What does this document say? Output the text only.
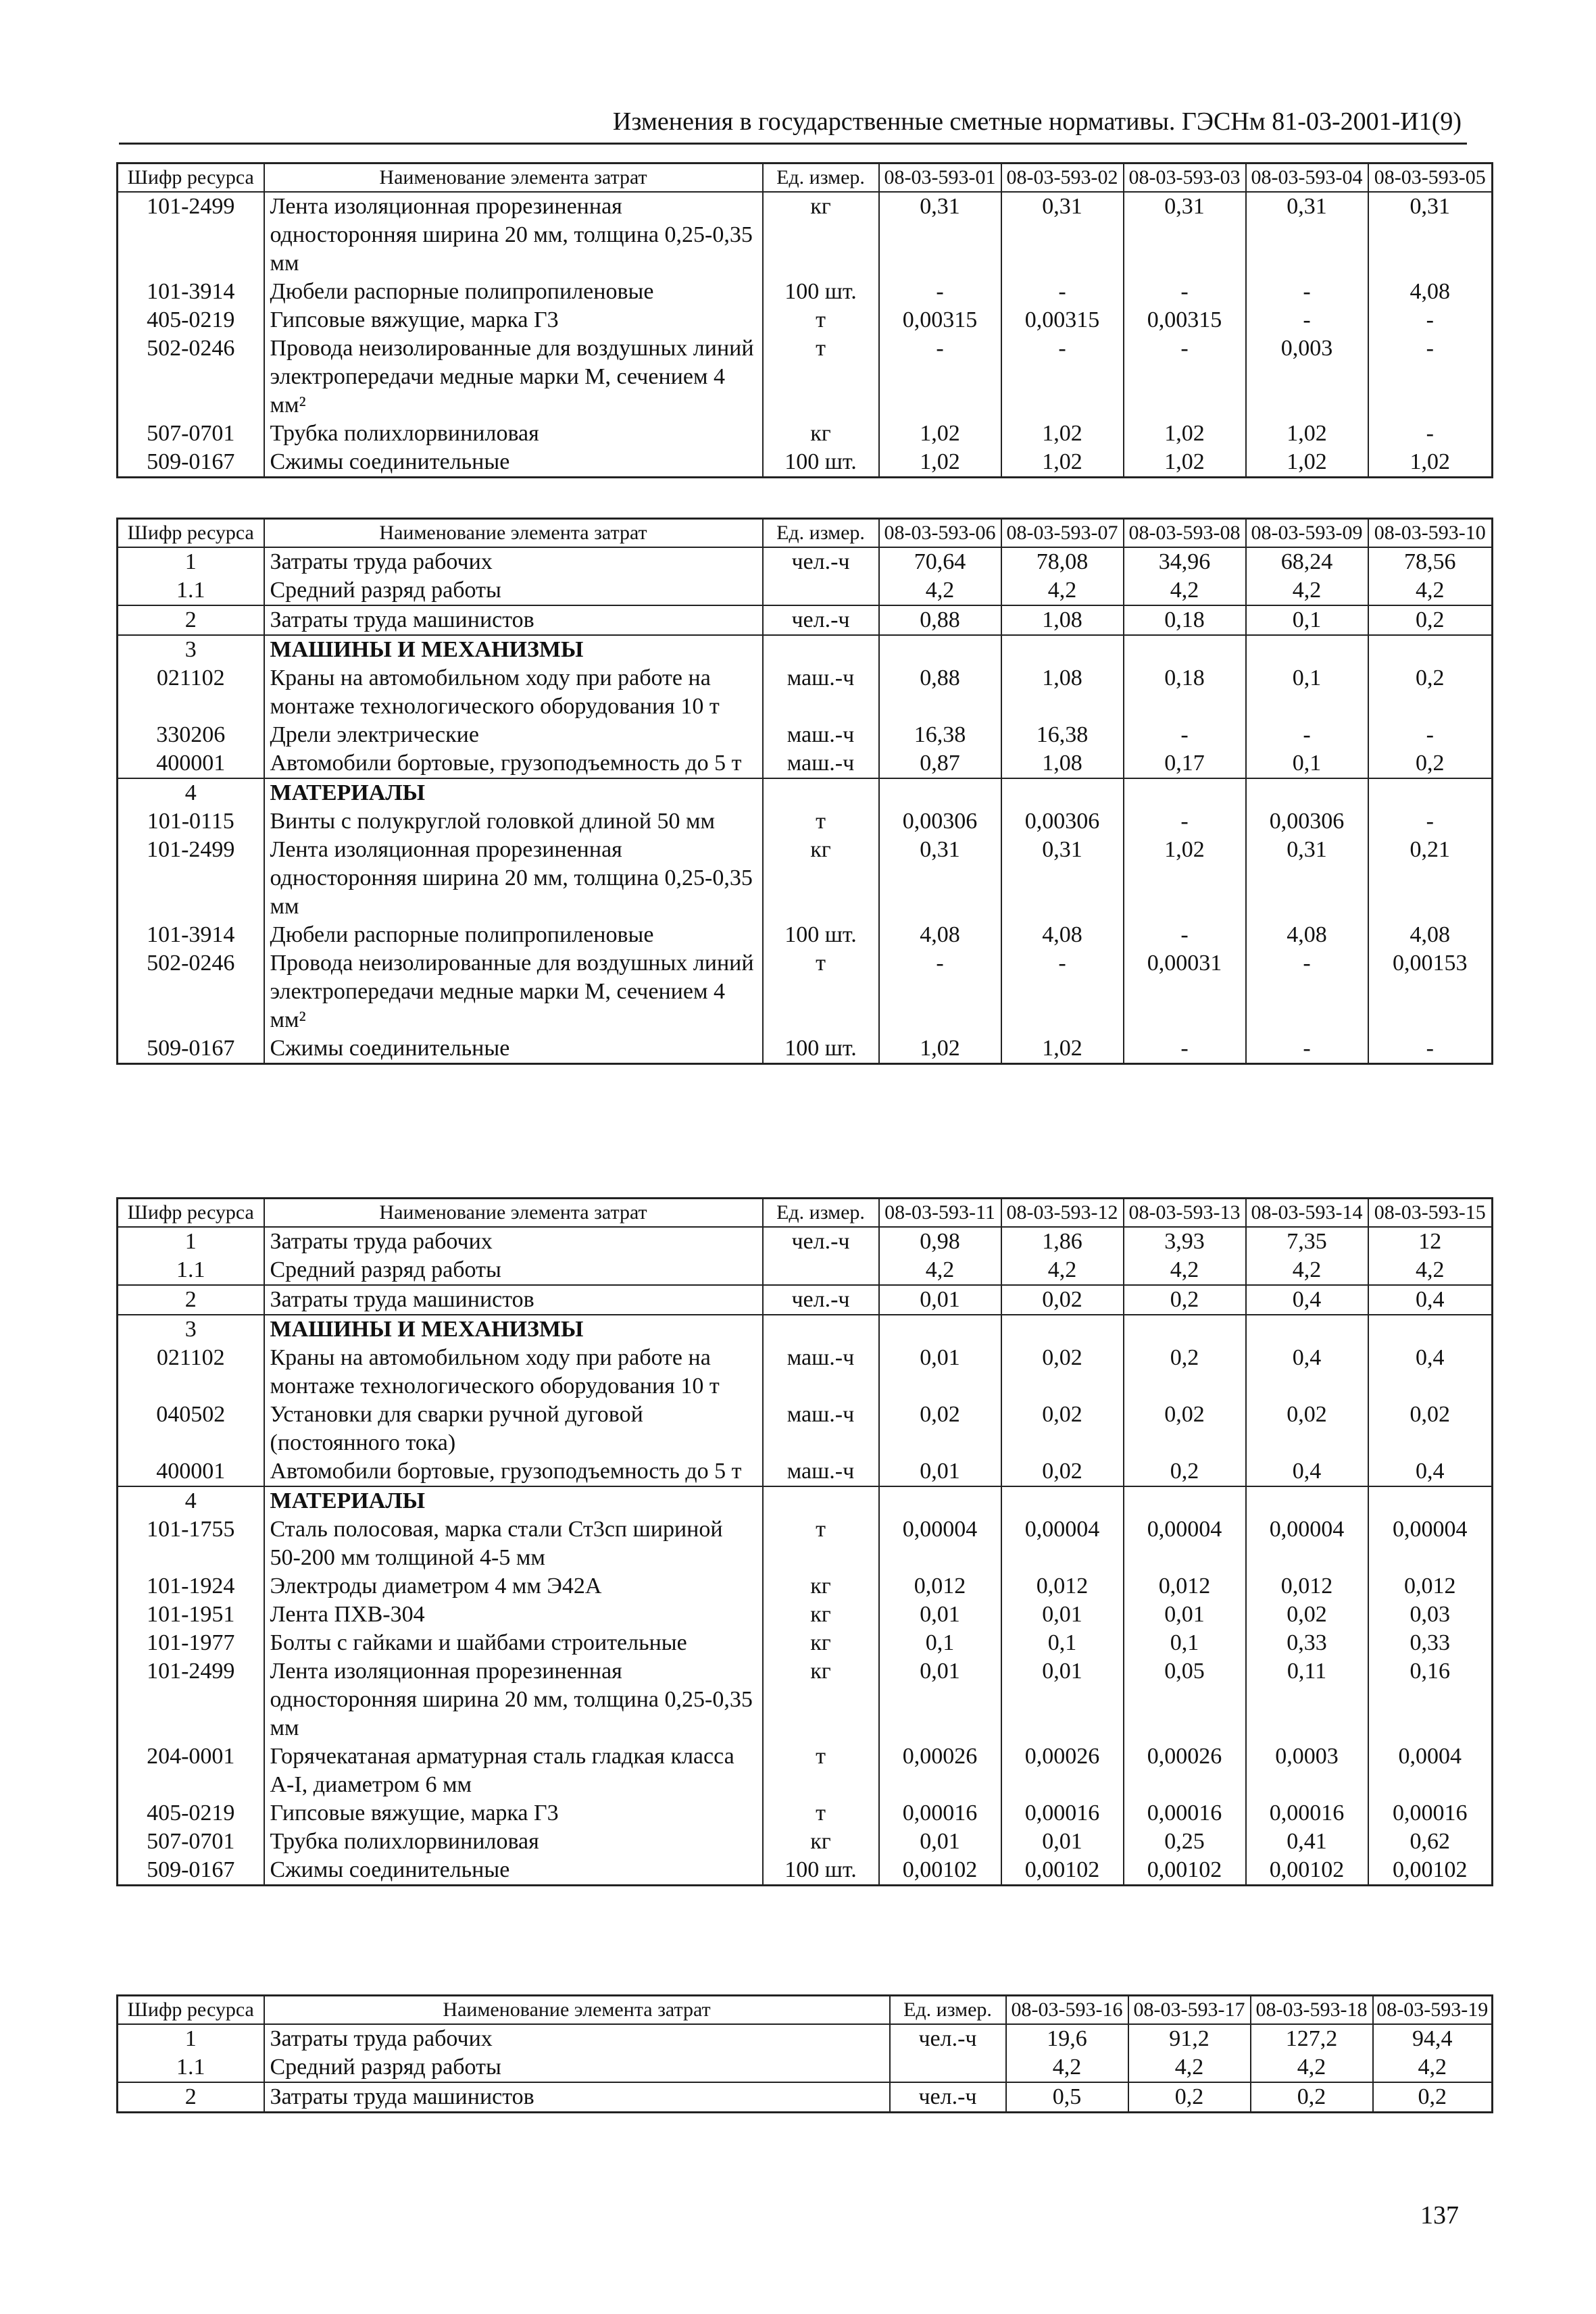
Изменения в государственные сметные нормативы. ГЭСНм 81-03-2001-И1(9)
Шифр ресурса	Наименование элемента затрат	Ед. измер.	08-03-593-01	08-03-593-02	08-03-593-03	08-03-593-04	08-03-593-05
101-2499	Лента изоляционная прорезиненная односторонняя ширина 20 мм, толщина 0,25-0,35 мм	кг	0,31	0,31	0,31	0,31	0,31
101-3914	Дюбели распорные полипропиленовые	100 шт.	-	-	-	-	4,08
405-0219	Гипсовые вяжущие, марка Г3	т	0,00315	0,00315	0,00315	-	-
502-0246	Провода неизолированные для воздушных линий электропередачи медные марки М, сечением 4 мм²	т	-	-	-	0,003	-
507-0701	Трубка полихлорвиниловая	кг	1,02	1,02	1,02	1,02	-
509-0167	Сжимы соединительные	100 шт.	1,02	1,02	1,02	1,02	1,02
Шифр ресурса	Наименование элемента затрат	Ед. измер.	08-03-593-06	08-03-593-07	08-03-593-08	08-03-593-09	08-03-593-10
1	Затраты труда рабочих	чел.-ч	70,64	78,08	34,96	68,24	78,56
1.1	Средний разряд работы		4,2	4,2	4,2	4,2	4,2
2	Затраты труда машинистов	чел.-ч	0,88	1,08	0,18	0,1	0,2
3	МАШИНЫ И МЕХАНИЗМЫ						
021102	Краны на автомобильном ходу при работе на монтаже технологического оборудования 10 т	маш.-ч	0,88	1,08	0,18	0,1	0,2
330206	Дрели электрические	маш.-ч	16,38	16,38	-	-	-
400001	Автомобили бортовые, грузоподъемность до 5 т	маш.-ч	0,87	1,08	0,17	0,1	0,2
4	МАТЕРИАЛЫ						
101-0115	Винты с полукруглой головкой длиной 50 мм	т	0,00306	0,00306	-	0,00306	-
101-2499	Лента изоляционная прорезиненная односторонняя ширина 20 мм, толщина 0,25-0,35 мм	кг	0,31	0,31	1,02	0,31	0,21
101-3914	Дюбели распорные полипропиленовые	100 шт.	4,08	4,08	-	4,08	4,08
502-0246	Провода неизолированные для воздушных линий электропередачи медные марки М, сечением 4 мм²	т	-	-	0,00031	-	0,00153
509-0167	Сжимы соединительные	100 шт.	1,02	1,02	-	-	-
Шифр ресурса	Наименование элемента затрат	Ед. измер.	08-03-593-11	08-03-593-12	08-03-593-13	08-03-593-14	08-03-593-15
1	Затраты труда рабочих	чел.-ч	0,98	1,86	3,93	7,35	12
1.1	Средний разряд работы		4,2	4,2	4,2	4,2	4,2
2	Затраты труда машинистов	чел.-ч	0,01	0,02	0,2	0,4	0,4
3	МАШИНЫ И МЕХАНИЗМЫ						
021102	Краны на автомобильном ходу при работе на монтаже технологического оборудования 10 т	маш.-ч	0,01	0,02	0,2	0,4	0,4
040502	Установки для сварки ручной дуговой (постоянного тока)	маш.-ч	0,02	0,02	0,02	0,02	0,02
400001	Автомобили бортовые, грузоподъемность до 5 т	маш.-ч	0,01	0,02	0,2	0,4	0,4
4	МАТЕРИАЛЫ						
101-1755	Сталь полосовая, марка стали Ст3сп шириной 50-200 мм толщиной 4-5 мм	т	0,00004	0,00004	0,00004	0,00004	0,00004
101-1924	Электроды диаметром 4 мм Э42А	кг	0,012	0,012	0,012	0,012	0,012
101-1951	Лента ПХВ-304	кг	0,01	0,01	0,01	0,02	0,03
101-1977	Болты с гайками и шайбами строительные	кг	0,1	0,1	0,1	0,33	0,33
101-2499	Лента изоляционная прорезиненная односторонняя ширина 20 мм, толщина 0,25-0,35 мм	кг	0,01	0,01	0,05	0,11	0,16
204-0001	Горячекатаная арматурная сталь гладкая класса А-I, диаметром 6 мм	т	0,00026	0,00026	0,00026	0,0003	0,0004
405-0219	Гипсовые вяжущие, марка Г3	т	0,00016	0,00016	0,00016	0,00016	0,00016
507-0701	Трубка полихлорвиниловая	кг	0,01	0,01	0,25	0,41	0,62
509-0167	Сжимы соединительные	100 шт.	0,00102	0,00102	0,00102	0,00102	0,00102
Шифр ресурса	Наименование элемента затрат	Ед. измер.	08-03-593-16	08-03-593-17	08-03-593-18	08-03-593-19
1	Затраты труда рабочих	чел.-ч	19,6	91,2	127,2	94,4
1.1	Средний разряд работы		4,2	4,2	4,2	4,2
2	Затраты труда машинистов	чел.-ч	0,5	0,2	0,2	0,2
137
